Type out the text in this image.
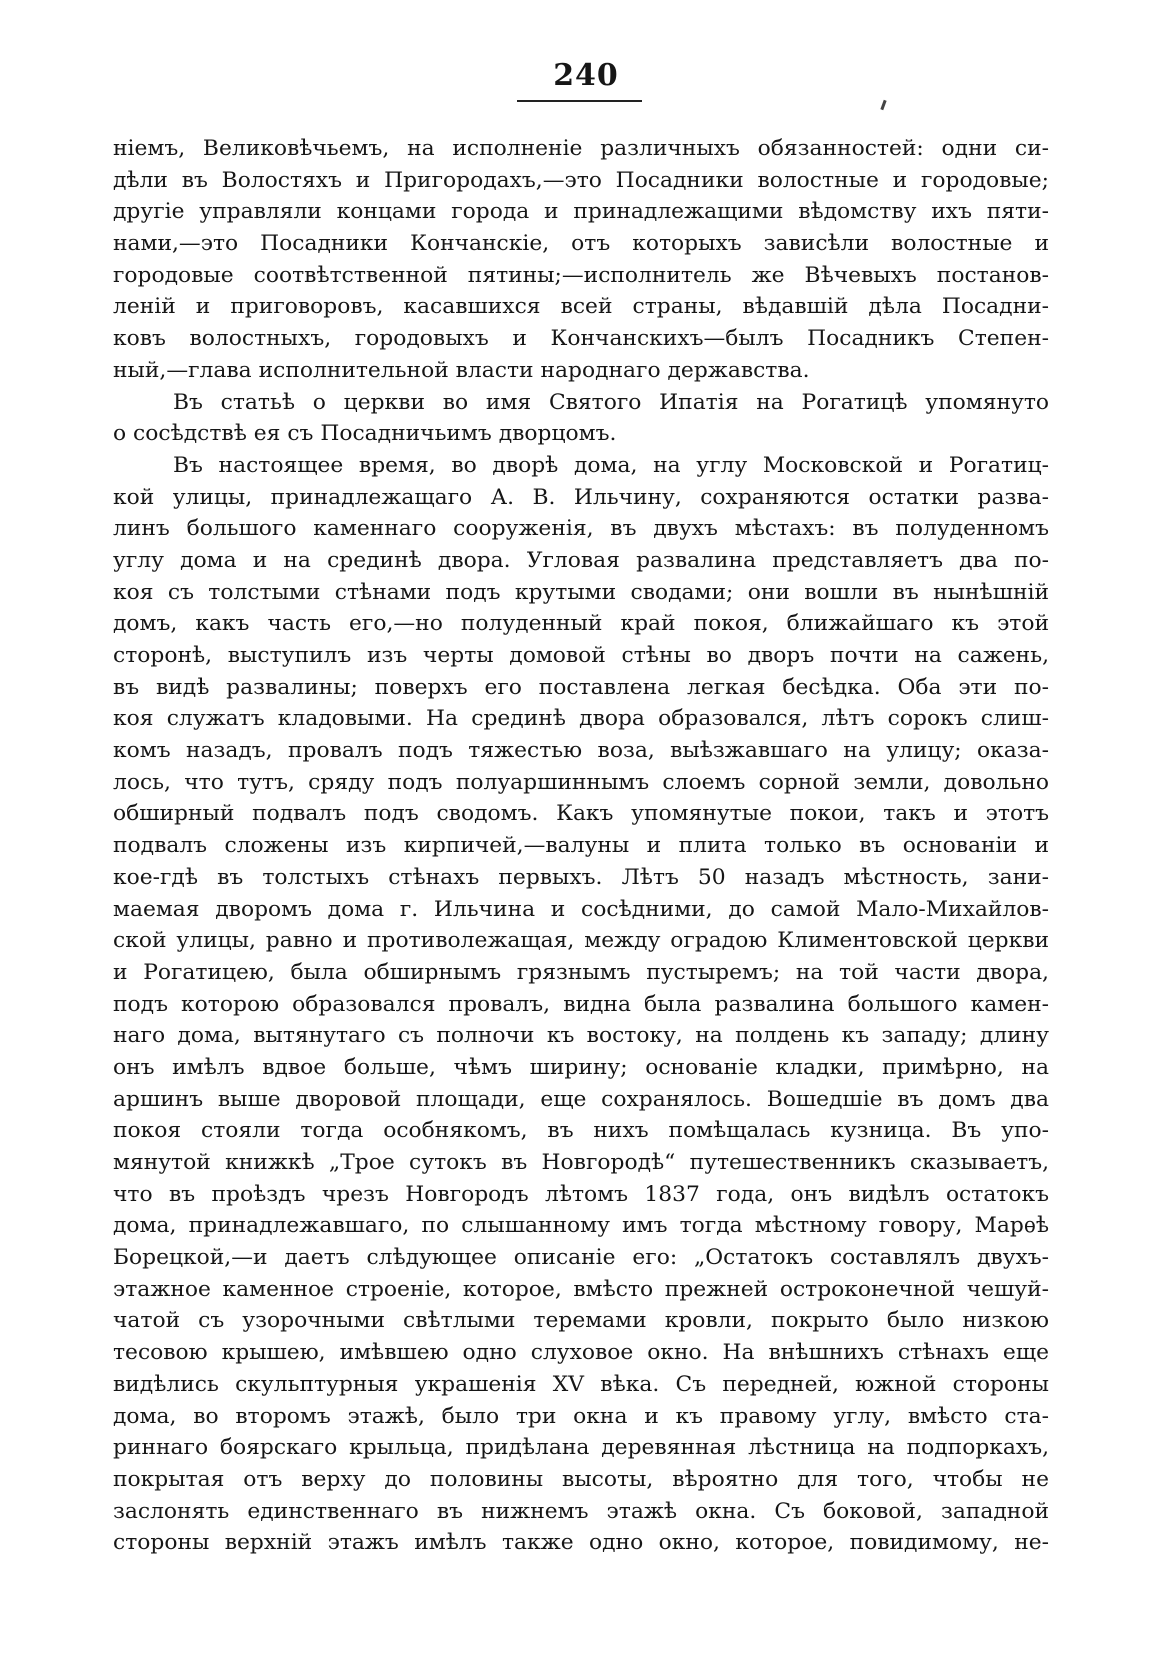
240
ніемъ, Великовѣчьемъ, на исполненіе различныхъ обязанностей: одни си-
дѣли въ Волостяхъ и Пригородахъ,—это Посадники волостные и городовые;
другіе управляли концами города и принадлежащими вѣдомству ихъ пяти-
нами,—это Посадники Кончанскіе, отъ которыхъ зависѣли волостные и
городовые соотвѣтственной пятины;—исполнитель же Вѣчевыхъ постанов-
леній и приговоровъ, касавшихся всей страны, вѣдавшій дѣла Посадни-
ковъ волостныхъ, городовыхъ и Кончанскихъ—былъ Посадникъ Степен-
ный,—глава исполнительной власти народнаго державства.
Въ статьѣ о церкви во имя Святого Ипатія на Рогатицѣ упомянуто
о сосѣдствѣ ея съ Посадничьимъ дворцомъ.
Въ настоящее время, во дворѣ дома, на углу Московской и Рогатиц-
кой улицы, принадлежащаго А. В. Ильчину, сохраняются остатки разва-
линъ большого каменнаго сооруженія, въ двухъ мѣстахъ: въ полуденномъ
углу дома и на срединѣ двора. Угловая развалина представляетъ два по-
коя съ толстыми стѣнами подъ крутыми сводами; они вошли въ нынѣшній
домъ, какъ часть его,—но полуденный край покоя, ближайшаго къ этой
сторонѣ, выступилъ изъ черты домовой стѣны во дворъ почти на сажень,
въ видѣ развалины; поверхъ его поставлена легкая бесѣдка. Оба эти по-
коя служатъ кладовыми. На срединѣ двора образовался, лѣтъ сорокъ слиш-
комъ назадъ, провалъ подъ тяжестью воза, выѣзжавшаго на улицу; оказа-
лось, что тутъ, сряду подъ полуаршиннымъ слоемъ сорной земли, довольно
обширный подвалъ подъ сводомъ. Какъ упомянутые покои, такъ и этотъ
подвалъ сложены изъ кирпичей,—валуны и плита только въ основаніи и
кое-гдѣ въ толстыхъ стѣнахъ первыхъ. Лѣтъ 50 назадъ мѣстность, зани-
маемая дворомъ дома г. Ильчина и сосѣдними, до самой Мало-Михайлов-
ской улицы, равно и противолежащая, между оградою Климентовской церкви
и Рогатицею, была обширнымъ грязнымъ пустыремъ; на той части двора,
подъ которою образовался провалъ, видна была развалина большого камен-
наго дома, вытянутаго съ полночи къ востоку, на полдень къ западу; длину
онъ имѣлъ вдвое больше, чѣмъ ширину; основаніе кладки, примѣрно, на
аршинъ выше дворовой площади, еще сохранялось. Вошедшіе въ домъ два
покоя стояли тогда особнякомъ, въ нихъ помѣщалась кузница. Въ упо-
мянутой книжкѣ „Трое сутокъ въ Новгородѣ“ путешественникъ сказываетъ,
что въ проѣздъ чрезъ Новгородъ лѣтомъ 1837 года, онъ видѣлъ остатокъ
дома, принадлежавшаго, по слышанному имъ тогда мѣстному говору, Марѳѣ
Борецкой,—и даетъ слѣдующее описаніе его: „Остатокъ составлялъ двухъ-
этажное каменное строеніе, которое, вмѣсто прежней остроконечной чешуй-
чатой съ узорочными свѣтлыми теремами кровли, покрыто было низкою
тесовою крышею, имѣвшею одно слуховое окно. На внѣшнихъ стѣнахъ еще
видѣлись скульптурныя украшенія XV вѣка. Съ передней, южной стороны
дома, во второмъ этажѣ, было три окна и къ правому углу, вмѣсто ста-
риннаго боярскаго крыльца, придѣлана деревянная лѣстница на подпоркахъ,
покрытая отъ верху до половины высоты, вѣроятно для того, чтобы не
заслонять единственнаго въ нижнемъ этажѣ окна. Съ боковой, западной
стороны верхній этажъ имѣлъ также одно окно, которое, повидимому, не-
